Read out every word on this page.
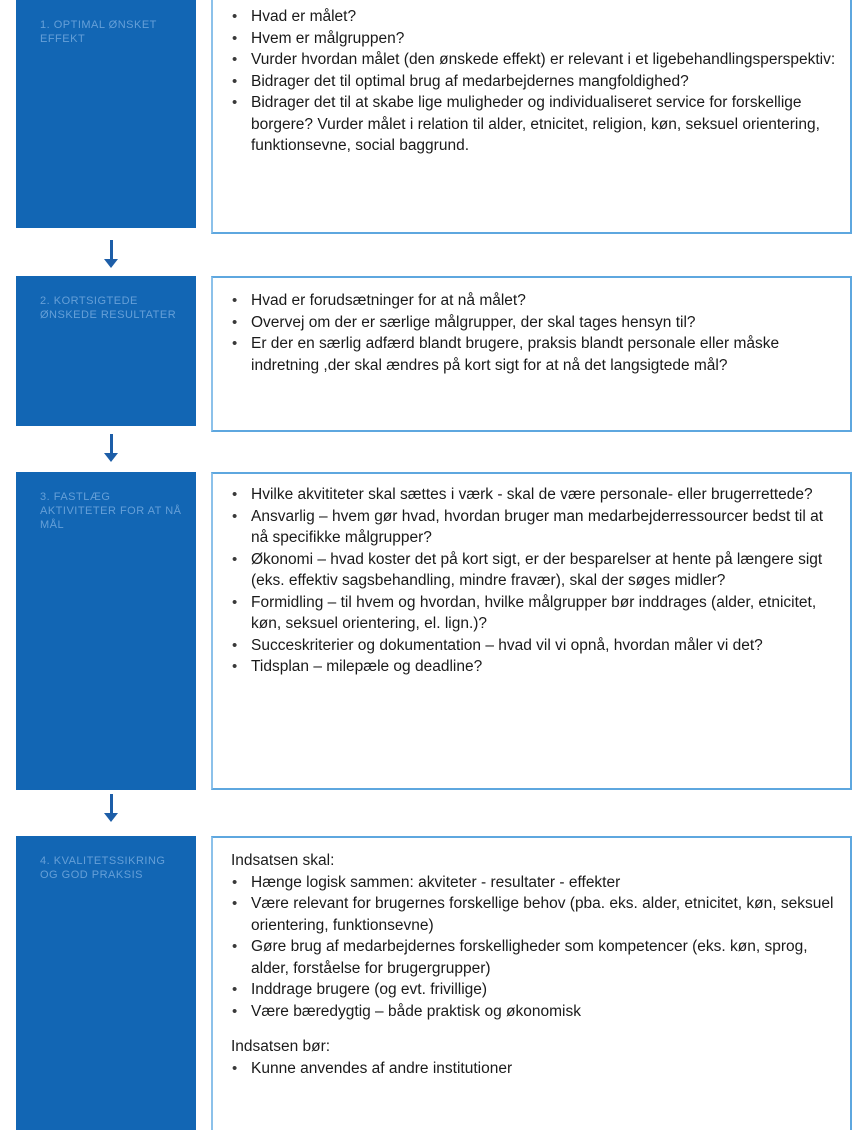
1. OPTIMAL ØNSKET EFFEKT
• Hvad er målet?
• Hvem er målgruppen?
• Vurder hvordan målet (den ønskede effekt) er relevant i et ligebehandlingsperspektiv:
• Bidrager det til optimal brug af medarbejdernes mangfoldighed?
• Bidrager det til at skabe lige muligheder og individualiseret service for forskellige borgere? Vurder målet i relation til alder, etnicitet, religion, køn, seksuel orientering, funktionsevne, social baggrund.
2. KORTSIGTEDE ØNSKEDE RESULTATER
• Hvad er forudsætninger for at nå målet?
• Overvej om der er særlige målgrupper, der skal tages hensyn til?
• Er der en særlig adfærd blandt brugere, praksis blandt personale eller måske indretning ,der skal ændres på kort sigt for at nå det langsigtede mål?
3. FASTLÆG AKTIVITETER FOR AT NÅ MÅL
• Hvilke akvititeter skal sættes i værk - skal de være personale- eller brugerrettede?
• Ansvarlig – hvem gør hvad, hvordan bruger man medarbejderressourcer bedst til at nå specifikke målgrupper?
• Økonomi – hvad koster det på kort sigt, er der besparelser at hente på længere sigt (eks. effektiv sagsbehandling, mindre fravær), skal der søges midler?
• Formidling – til hvem og hvordan, hvilke målgrupper bør inddrages (alder, etnicitet, køn, seksuel orientering, el. lign.)?
• Succeskriterier og dokumentation – hvad vil vi opnå, hvordan måler vi det?
• Tidsplan – milepæle og deadline?
4. KVALITETSSIKRING OG GOD PRAKSIS
Indsatsen skal:
• Hænge logisk sammen: akviteter - resultater - effekter
• Være relevant for brugernes forskellige behov (pba. eks. alder, etnicitet, køn, seksuel orientering, funktionsevne)
• Gøre brug af medarbejdernes forskelligheder som kompetencer (eks. køn, sprog, alder, forståelse for brugergrupper)
• Inddrage brugere (og evt. frivillige)
• Være bæredygtig – både praktisk og økonomisk
Indsatsen bør:
• Kunne anvendes af andre institutioner
